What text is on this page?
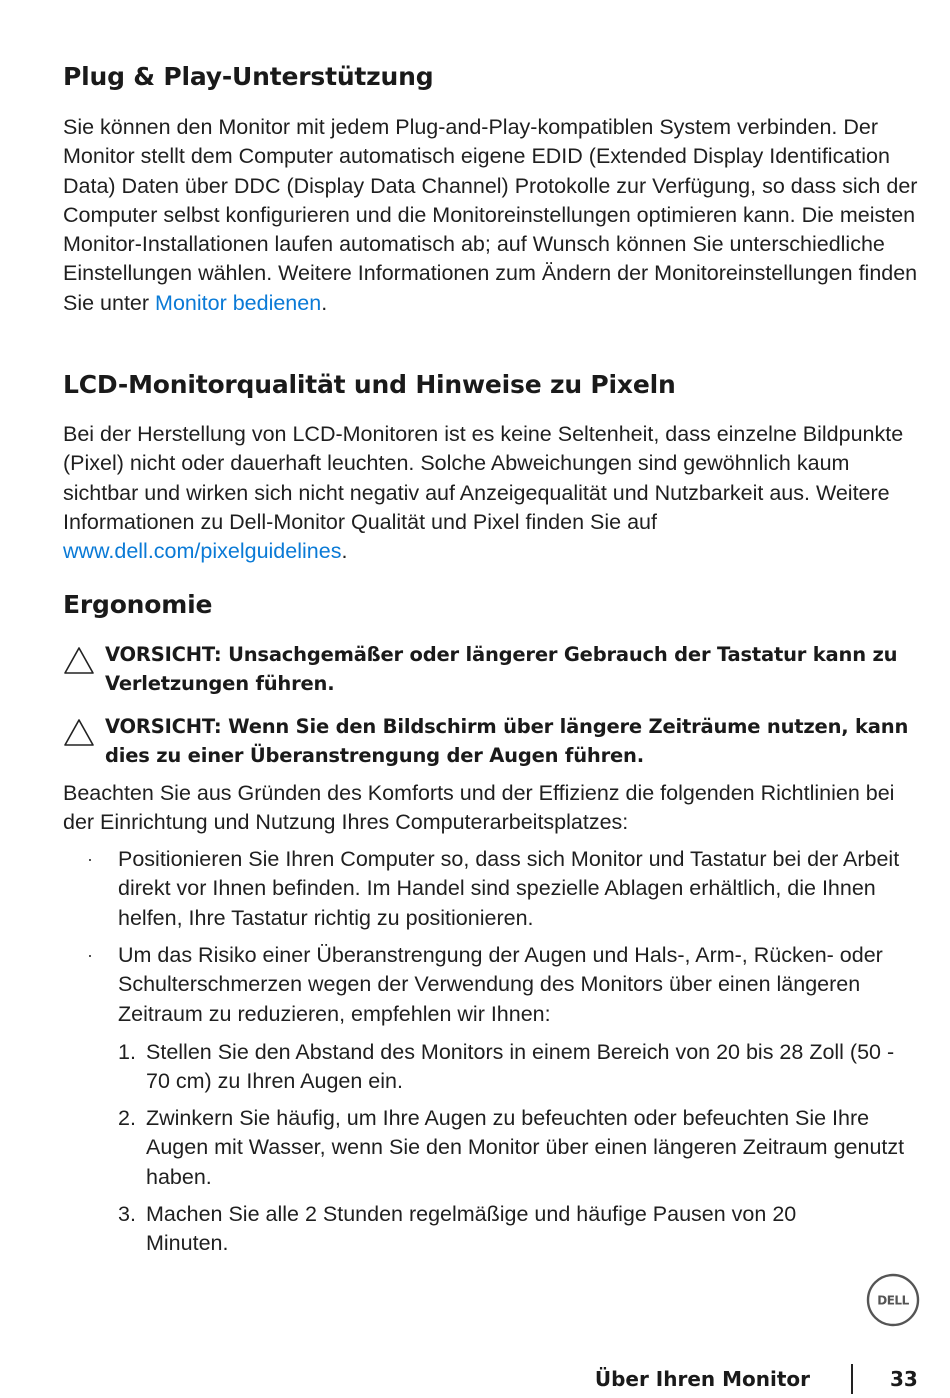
Plug & Play-Unterstützung

Sie können den Monitor mit jedem Plug-and-Play-kompatiblen System verbinden. Der Monitor stellt dem Computer automatisch eigene EDID (Extended Display Identification Data) Daten über DDC (Display Data Channel) Protokolle zur Verfügung, so dass sich der Computer selbst konfigurieren und die Monitoreinstellungen optimieren kann. Die meisten Monitor-Installationen laufen automatisch ab; auf Wunsch können Sie unterschiedliche Einstellungen wählen. Weitere Informationen zum Ändern der Monitoreinstellungen finden Sie unter Monitor bedienen.

LCD-Monitorqualität und Hinweise zu Pixeln

Bei der Herstellung von LCD-Monitoren ist es keine Seltenheit, dass einzelne Bildpunkte (Pixel) nicht oder dauerhaft leuchten. Solche Abweichungen sind gewöhnlich kaum sichtbar und wirken sich nicht negativ auf Anzeigequalität und Nutzbarkeit aus. Weitere Informationen zu Dell-Monitor Qualität und Pixel finden Sie auf www.dell.com/pixelguidelines.

Ergonomie

VORSICHT: Unsachgemäßer oder längerer Gebrauch der Tastatur kann zu Verletzungen führen.

VORSICHT: Wenn Sie den Bildschirm über längere Zeiträume nutzen, kann dies zu einer Überanstrengung der Augen führen.

Beachten Sie aus Gründen des Komforts und der Effizienz die folgenden Richtlinien bei der Einrichtung und Nutzung Ihres Computerarbeitsplatzes:

· Positionieren Sie Ihren Computer so, dass sich Monitor und Tastatur bei der Arbeit direkt vor Ihnen befinden. Im Handel sind spezielle Ablagen erhältlich, die Ihnen helfen, Ihre Tastatur richtig zu positionieren.

· Um das Risiko einer Überanstrengung der Augen und Hals-, Arm-, Rücken- oder Schulterschmerzen wegen der Verwendung des Monitors über einen längeren Zeitraum zu reduzieren, empfehlen wir Ihnen:

1. Stellen Sie den Abstand des Monitors in einem Bereich von 20 bis 28 Zoll (50 - 70 cm) zu Ihren Augen ein.

2. Zwinkern Sie häufig, um Ihre Augen zu befeuchten oder befeuchten Sie Ihre Augen mit Wasser, wenn Sie den Monitor über einen längeren Zeitraum genutzt haben.

3. Machen Sie alle 2 Stunden regelmäßige und häufige Pausen von 20 Minuten.

DELL
Über Ihren Monitor	33
